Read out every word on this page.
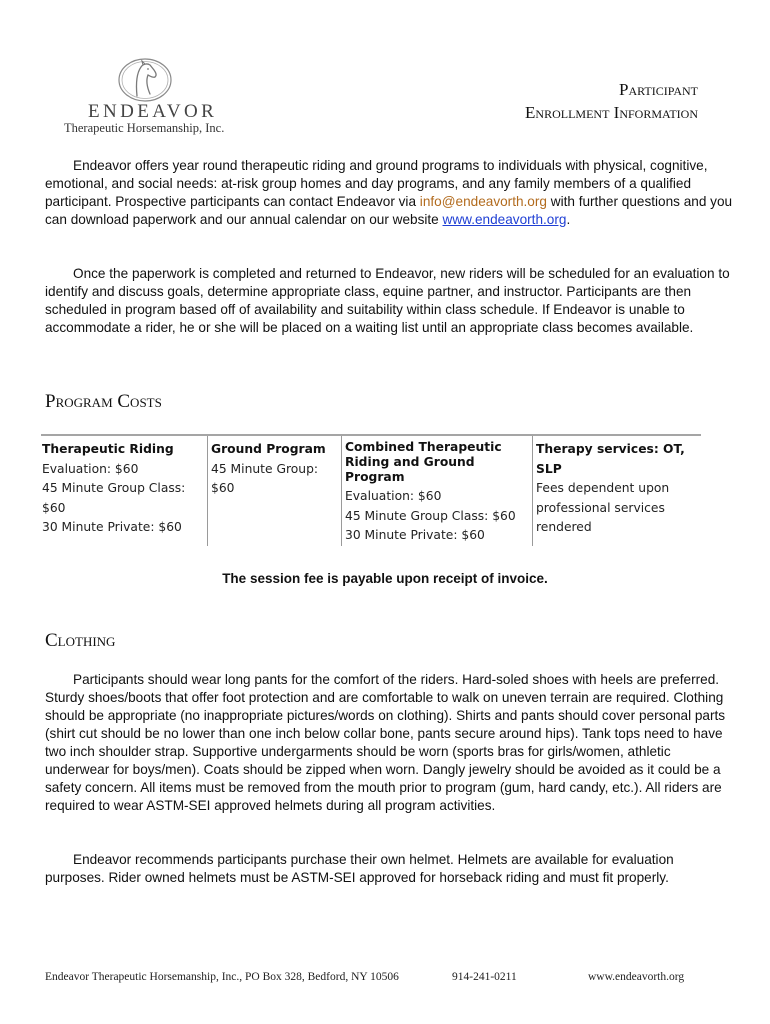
ENDEAVOR
Therapeutic Horsemanship, Inc.
Participant
Enrollment Information

Endeavor offers year round therapeutic riding and ground programs to individuals with physical, cognitive, emotional, and social needs: at-risk group homes and day programs, and any family members of a qualified participant. Prospective participants can contact Endeavor via info@endeavorth.org with further questions and you can download paperwork and our annual calendar on our website www.endeavorth.org.

Once the paperwork is completed and returned to Endeavor, new riders will be scheduled for an evaluation to identify and discuss goals, determine appropriate class, equine partner, and instructor. Participants are then scheduled in program based off of availability and suitability within class schedule. If Endeavor is unable to accommodate a rider, he or she will be placed on a waiting list until an appropriate class becomes available.

Program Costs
Therapeutic Riding
Evaluation: $60
45 Minute Group Class: $60
30 Minute Private: $60
Ground Program
45 Minute Group: $60
Combined Therapeutic Riding and Ground Program
Evaluation: $60
45 Minute Group Class: $60
30 Minute Private: $60
Therapy services: OT, SLP
Fees dependent upon
professional services
rendered
The session fee is payable upon receipt of invoice.
Clothing

Participants should wear long pants for the comfort of the riders. Hard-soled shoes with heels are preferred. Sturdy shoes/boots that offer foot protection and are comfortable to walk on uneven terrain are required. Clothing should be appropriate (no inappropriate pictures/words on clothing). Shirts and pants should cover personal parts (shirt cut should be no lower than one inch below collar bone, pants secure around hips). Tank tops need to have two inch shoulder strap. Supportive undergarments should be worn (sports bras for girls/women, athletic underwear for boys/men). Coats should be zipped when worn. Dangly jewelry should be avoided as it could be a safety concern. All items must be removed from the mouth prior to program (gum, hard candy, etc.). All riders are required to wear ASTM-SEI approved helmets during all program activities.

Endeavor recommends participants purchase their own helmet. Helmets are available for evaluation purposes. Rider owned helmets must be ASTM-SEI approved for horseback riding and must fit properly.

Endeavor Therapeutic Horsemanship, Inc., PO Box 328, Bedford, NY 10506	914-241-0211	www.endeavorth.org
